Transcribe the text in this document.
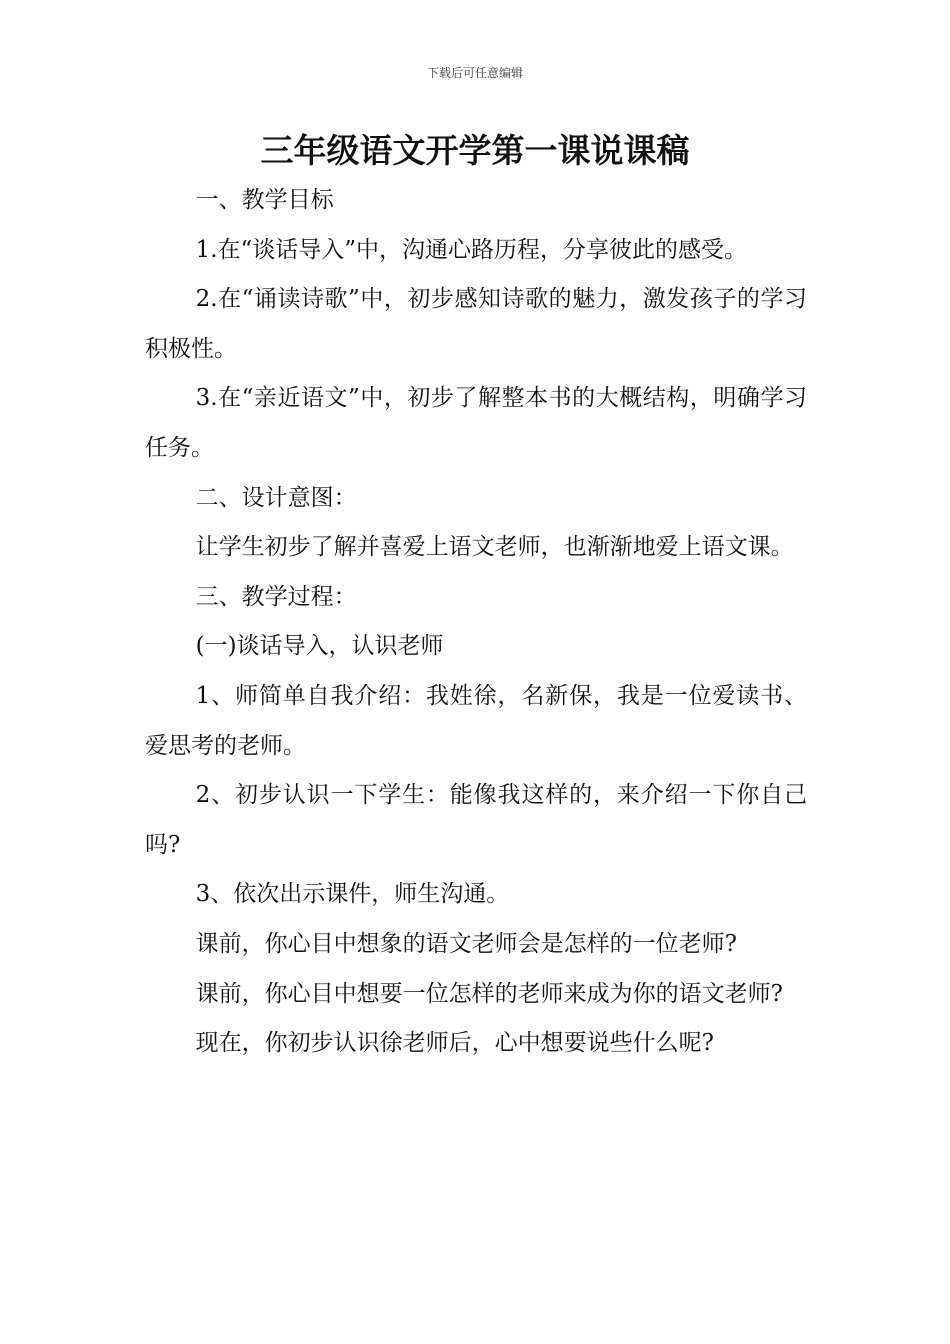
下载后可任意编辑
三年级语文开学第一课说课稿

一、教学目标

1.在“谈话导入”中，沟通心路历程，分享彼此的感受。

2.在“诵读诗歌”中，初步感知诗歌的魅力，激发孩子的学习积极性。

3.在“亲近语文”中，初步了解整本书的大概结构，明确学习任务。

二、设计意图：

让学生初步了解并喜爱上语文老师，也渐渐地爱上语文课。

三、教学过程：

(一)谈话导入，认识老师

1、师简单自我介绍：我姓徐，名新保，我是一位爱读书、爱思考的老师。

2、初步认识一下学生：能像我这样的，来介绍一下你自己吗?

3、依次出示课件，师生沟通。

课前，你心目中想象的语文老师会是怎样的一位老师?

课前，你心目中想要一位怎样的老师来成为你的语文老师?

现在，你初步认识徐老师后，心中想要说些什么呢?
